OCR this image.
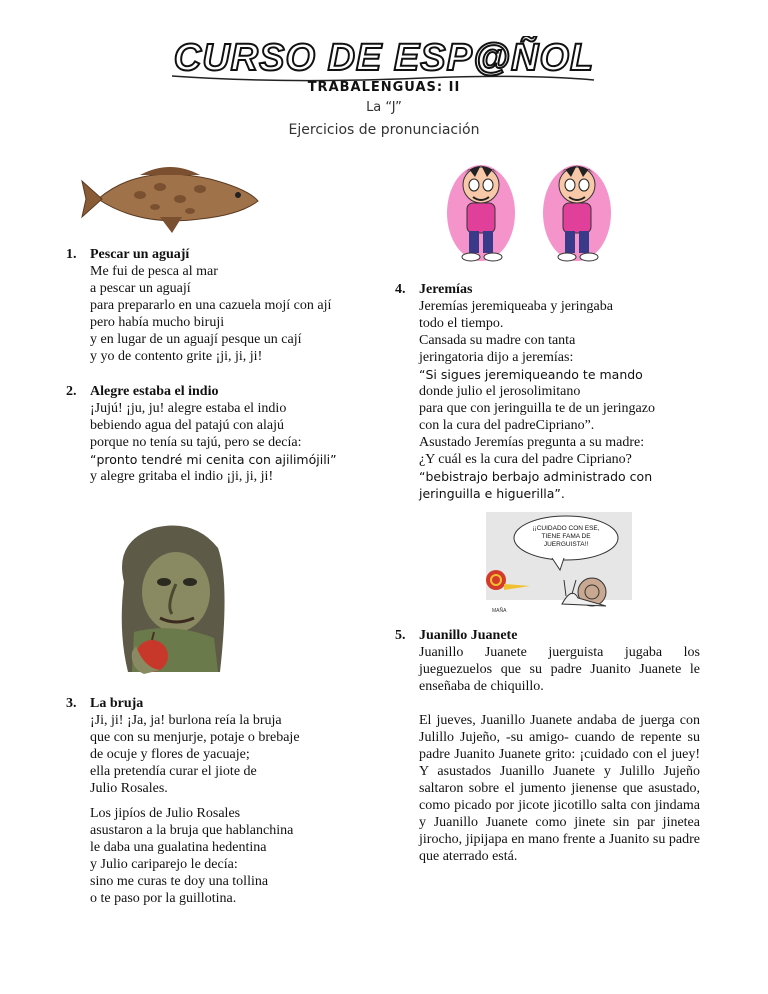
CURSO DE ESP@ÑOL
TRABALENGUAS: II
La “J”
Ejercicios de pronunciación
1. Pescar un aguají
Me fui de pesca al mar
a pescar un aguají
para prepararlo en una cazuela mojí con ají
pero había mucho biruji
y en lugar de un aguají pesque un cají
y yo de contento grite ¡ji, ji, ji!
2. Alegre estaba el indio
¡Jujú! ¡ju, ju! alegre estaba el indio
bebiendo agua del patajú con alajú
porque no tenía su tajú, pero se decía:
“pronto tendré mi cenita con ajilimójili”
y alegre gritaba el indio ¡ji, ji, ji!
3. La bruja
¡Ji, ji! ¡Ja, ja! burlona reía la bruja
que con su menjurje, potaje o brebaje
de ocuje y flores de yacuaje;
ella pretendía curar el jiote de
Julio Rosales.
Los jipíos de Julio Rosales
asustaron a la bruja que hablanchina
le daba una gualatina hedentina
y Julio cariparejo le decía:
sino me curas te doy una tollina
o te paso por la guillotina.
4. Jeremías
Jeremías jeremiqueaba y jeringaba
todo el tiempo.
Cansada su madre con tanta
jeringatoria dijo a jeremías:
“Si sigues jeremiqueando te mando
donde julio el jerosolimitano
para que con jeringuilla te de un jeringazo
con la cura del padreCipriano”.
Asustado Jeremías pregunta a su madre:
¿Y cuál es la cura del padre Cipriano?
“bebistrajo berbajo administrado con
jeringuilla e higuerilla”.
¡¡CUIDADO CON ESE, TIENE FAMA DE JUERGUISTA!!
MAÑA
5. Juanillo Juanete
Juanillo Juanete juerguista jugaba los jueguezuelos que su padre Juanito Juanete le enseñaba de chiquillo.
El jueves, Juanillo Juanete andaba de juerga con Julillo Jujeño, -su amigo- cuando de repente su padre Juanito Juanete grito: ¡cuidado con el juey! Y asustados Juanillo Juanete y Julillo Jujeño saltaron sobre el jumento jienense que asustado, como picado por jicote jicotillo salta con jindama y Juanillo Juanete como jinete sin par jinetea jirocho, jipijapa en mano frente a Juanito su padre que aterrado está.
